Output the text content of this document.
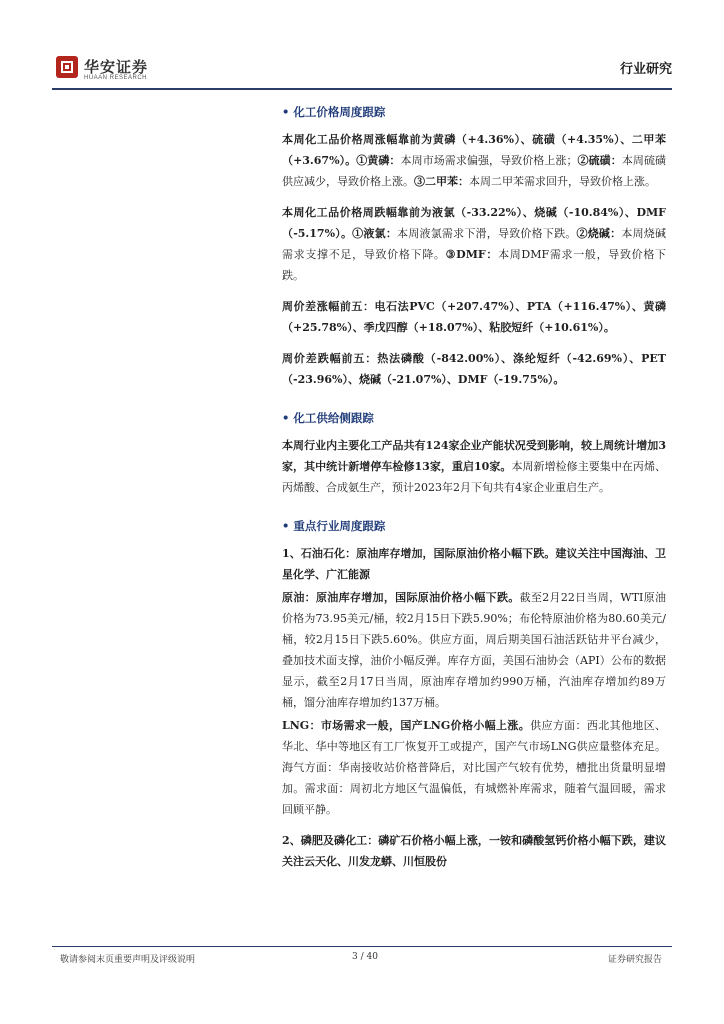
华安证券
HUAAN RESEARCH
行业研究
• 化工价格周度跟踪

本周化工品价格周涨幅靠前为黄磷（+4.36%）、硫磺（+4.35%）、二甲苯（+3.67%）。①黄磷：本周市场需求偏强，导致价格上涨；②硫磺：本周硫磺供应减少，导致价格上涨。③二甲苯：本周二甲苯需求回升，导致价格上涨。

本周化工品价格周跌幅靠前为液氯（-33.22%）、烧碱（-10.84%）、DMF（-5.17%）。①液氯：本周液氯需求下滑，导致价格下跌。②烧碱：本周烧碱需求支撑不足，导致价格下降。③DMF：本周DMF需求一般，导致价格下跌。

周价差涨幅前五：电石法PVC（+207.47%）、PTA（+116.47%）、黄磷（+25.78%）、季戊四醇（+18.07%）、粘胶短纤（+10.61%）。

周价差跌幅前五：热法磷酸（-842.00%）、涤纶短纤（-42.69%）、PET（-23.96%）、烧碱（-21.07%）、DMF（-19.75%）。

• 化工供给侧跟踪

本周行业内主要化工产品共有124家企业产能状况受到影响，较上周统计增加3家，其中统计新增停车检修13家，重启10家。本周新增检修主要集中在丙烯、丙烯酸、合成氨生产，预计2023年2月下旬共有4家企业重启生产。

• 重点行业周度跟踪

1、石油石化：原油库存增加，国际原油价格小幅下跌。建议关注中国海油、卫星化学、广汇能源

原油：原油库存增加，国际原油价格小幅下跌。截至2月22日当周，WTI原油价格为73.95美元/桶，较2月15日下跌5.90%；布伦特原油价格为80.60美元/桶，较2月15日下跌5.60%。供应方面，周后期美国石油活跃钻井平台减少，叠加技术面支撑，油价小幅反弹。库存方面，美国石油协会（API）公布的数据显示，截至2月17日当周，原油库存增加约990万桶，汽油库存增加约89万桶，馏分油库存增加约137万桶。

LNG：市场需求一般，国产LNG价格小幅上涨。供应方面：西北其他地区、华北、华中等地区有工厂恢复开工或提产，国产气市场LNG供应量整体充足。海气方面：华南接收站价格普降后，对比国产气较有优势，槽批出货量明显增加。需求面：周初北方地区气温偏低，有城燃补库需求，随着气温回暖，需求回顾平静。

2、磷肥及磷化工：磷矿石价格小幅上涨，一铵和磷酸氢钙价格小幅下跌，建议关注云天化、川发龙蟒、川恒股份

敬请参阅末页重要声明及评级说明	3 / 40	证券研究报告
